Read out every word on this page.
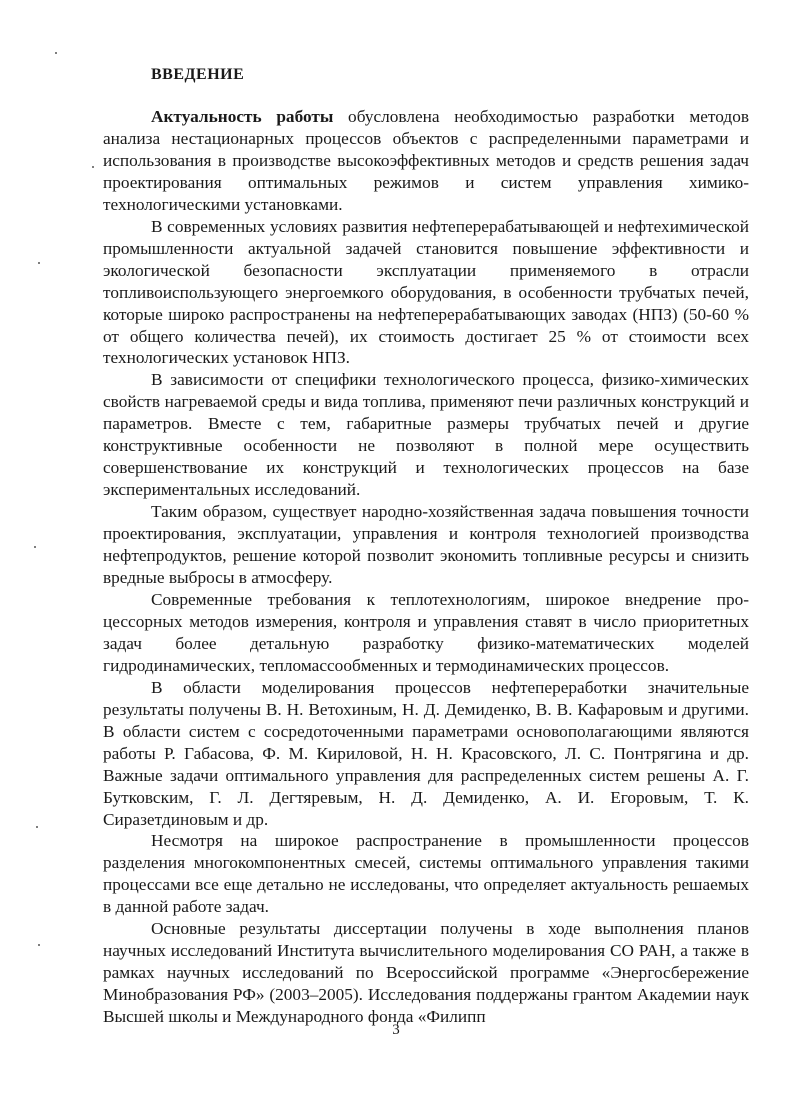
ВВЕДЕНИЕ

Актуальность работы обусловлена необходимостью разработки методов анализа нестационарных процессов объектов с распределенными параметрами и использования в производстве высокоэффективных методов и средств решения задач проектирования оптимальных режимов и систем управления химико-технологическими установками.

В современных условиях развития нефтеперерабатывающей и нефтехимической промышленности актуальной задачей становится повышение эффективности и экологической безопасности эксплуатации применяемого в отрасли топливоиспользующего энергоемкого оборудования, в особенности трубчатых печей, которые широко распространены на нефтеперерабатывающих заводах (НПЗ) (50-60 % от общего количества печей), их стоимость достигает 25 % от стоимости всех технологических установок НПЗ.

В зависимости от специфики технологического процесса, физико-химических свойств нагреваемой среды и вида топлива, применяют печи различных конструкций и параметров. Вместе с тем, габаритные размеры трубчатых печей и другие конструктивные особенности не позволяют в полной мере осуществить совершенствование их конструкций и технологических процессов на базе экспериментальных исследований.

Таким образом, существует народно-хозяйственная задача повышения точности проектирования, эксплуатации, управления и контроля технологией производства нефтепродуктов, решение которой позволит экономить топливные ресурсы и снизить вредные выбросы в атмосферу.

Современные требования к теплотехнологиям, широкое внедрение процессорных методов измерения, контроля и управления ставят в число приоритетных задач более детальную разработку физико-математических моделей гидродинамических, тепломассообменных и термодинамических процессов.

В области моделирования процессов нефтепереработки значительные результаты получены В. Н. Ветохиным, Н. Д. Демиденко, В. В. Кафаровым и другими. В области систем с сосредоточенными параметрами основополагающими являются работы Р. Габасова, Ф. М. Кириловой, Н. Н. Красовского, Л. С. Понтрягина и др. Важные задачи оптимального управления для распределенных систем решены А. Г. Бутковским, Г. Л. Дегтяревым, Н. Д. Демиденко, А. И. Егоровым, Т. К. Сиразетдиновым и др.

Несмотря на широкое распространение в промышленности процессов разделения многокомпонентных смесей, системы оптимального управления такими процессами все еще детально не исследованы, что определяет актуальность решаемых в данной работе задач.

Основные результаты диссертации получены в ходе выполнения планов научных исследований Института вычислительного моделирования СО РАН, а также в рамках научных исследований по Всероссийской программе «Энергосбережение Минобразования РФ» (2003–2005). Исследования поддержаны грантом Академии наук Высшей школы и Международного фонда «Филипп

3
